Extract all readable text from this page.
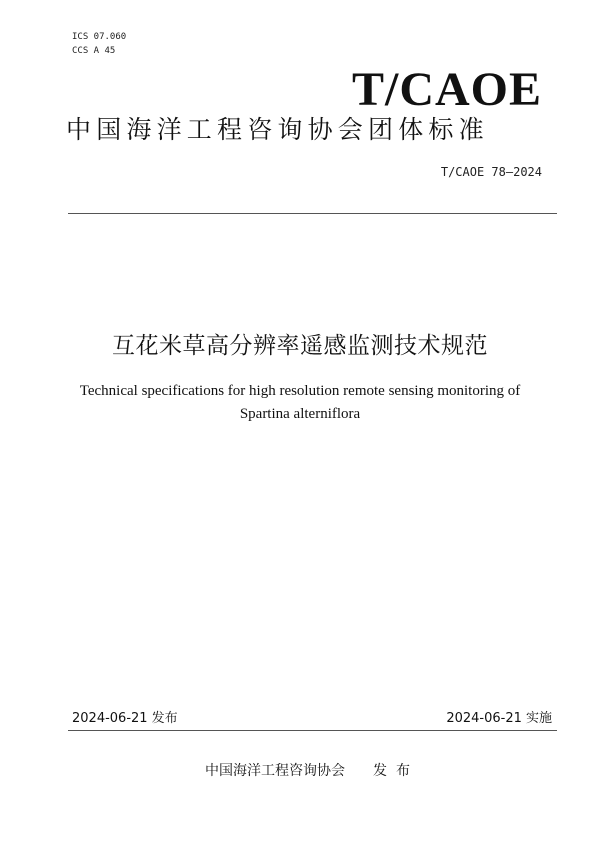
ICS 07.060
CCS A 45
T/CAOE
中国海洋工程咨询协会团体标准
T/CAOE 78—2024
互花米草高分辨率遥感监测技术规范
Technical specifications for high resolution remote sensing monitoring of Spartina alterniflora
2024-06-21 发布	2024-06-21 实施
中国海洋工程咨询协会 发布
